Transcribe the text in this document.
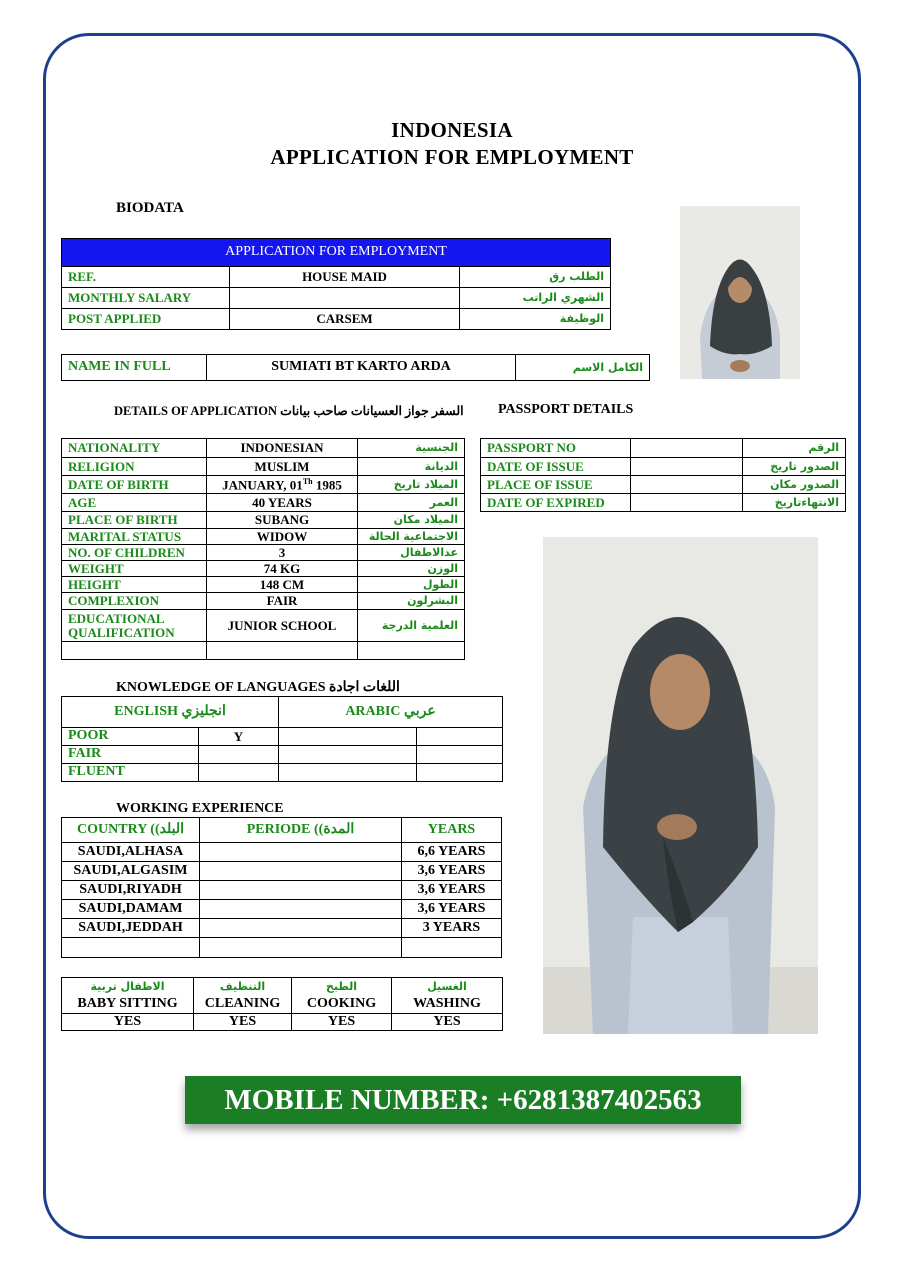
INDONESIA
APPLICATION FOR EMPLOYMENT
BIODATA
APPLICATION FOR EMPLOYMENT		
REF.	HOUSE MAID	الطلب رق
MONTHLY SALARY		الشهري الراتب
POST APPLIED	CARSEM	الوظيفة
NAME IN FULL	SUMIATI BT KARTO ARDA	الكامل الاسم
DETAILS OF APPLICATION السفر جواز العسيانات صاحب بيانات PASSPORT DETAILS
NATIONALITY	INDONESIAN	الجنسية
RELIGION	MUSLIM	الديانة
DATE OF BIRTH	JANUARY, 01Th 1985	الميلاد تاريخ
AGE	40 YEARS	العمر
PLACE OF BIRTH	SUBANG	الميلاد مكان
MARITAL STATUS	WIDOW	الاجتماعية الحالة
NO. OF CHILDREN	3	عدالاطفال
WEIGHT	74 KG	الوزن
HEIGHT	148 CM	الطول
COMPLEXION	FAIR	البشرلون
EDUCATIONAL QUALIFICATION	JUNIOR SCHOOL	العلمية الدرجة

PASSPORT NO		الرقم
DATE OF ISSUE		الصدور تاريخ
PLACE OF ISSUE		الصدور مكان
DATE OF EXPIRED		الانتهاءتاريخ
KNOWLEDGE OF LANGUAGES اللغات اجادة
ENGLISH انجليزي		ARABIC عربي	
POOR	Y		
FAIR			
FLUENT			
WORKING EXPERIENCE
COUNTRY ((البلد	PERIODE ((المدة	YEARS
SAUDI,ALHASA		6,6 YEARS
SAUDI,ALGASIM		3,6 YEARS
SAUDI,RIYADH		3,6 YEARS
SAUDI,DAMAM		3,6 YEARS
SAUDI,JEDDAH		3 YEARS

الاطفال تربية	التنظيف	الطبخ	الغسيل
BABY SITTING	CLEANING	COOKING	WASHING
YES	YES	YES	YES
MOBILE NUMBER: +6281387402563
